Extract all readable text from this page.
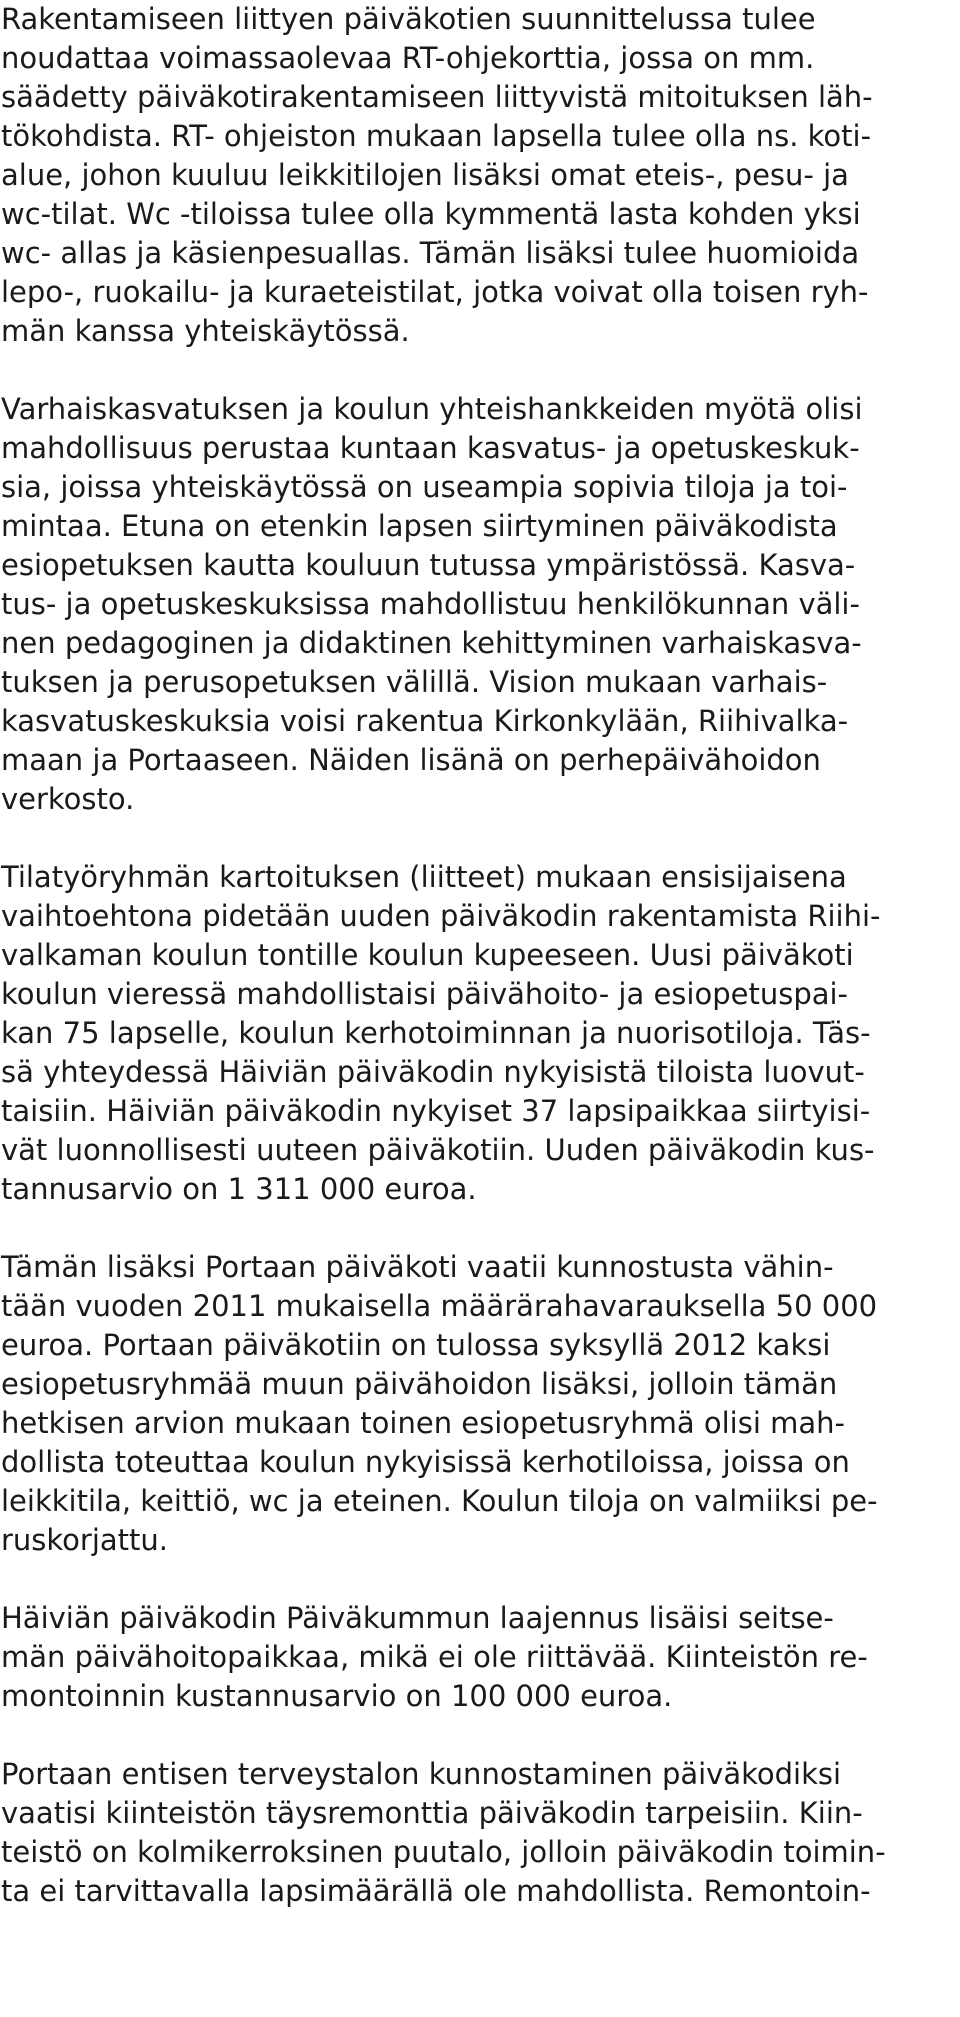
Rakentamiseen liittyen päiväkotien suunnittelussa tulee
noudattaa voimassaolevaa RT-ohjekorttia, jossa on mm.
säädetty päiväkotirakentamiseen liittyvistä mitoituksen läh-
tökohdista. RT- ohjeiston mukaan lapsella tulee olla ns. koti-
alue, johon kuuluu leikkitilojen lisäksi omat eteis-, pesu- ja
wc-tilat. Wc -tiloissa tulee olla kymmentä lasta kohden yksi
wc- allas ja käsienpesuallas. Tämän lisäksi tulee huomioida
lepo-, ruokailu- ja kuraeteistilat, jotka voivat olla toisen ryh-
män kanssa yhteiskäytössä.
Varhaiskasvatuksen ja koulun yhteishankkeiden myötä olisi
mahdollisuus perustaa kuntaan kasvatus- ja opetuskeskuk-
sia, joissa yhteiskäytössä on useampia sopivia tiloja ja toi-
mintaa. Etuna on etenkin lapsen siirtyminen päiväkodista
esiopetuksen kautta kouluun tutussa ympäristössä. Kasva-
tus- ja opetuskeskuksissa mahdollistuu henkilökunnan väli-
nen pedagoginen ja didaktinen kehittyminen varhaiskasva-
tuksen ja perusopetuksen välillä. Vision mukaan varhais-
kasvatuskeskuksia voisi rakentua Kirkonkylään, Riihivalka-
maan ja Portaaseen. Näiden lisänä on perhepäivähoidon
verkosto.
Tilatyöryhmän kartoituksen (liitteet) mukaan ensisijaisena
vaihtoehtona pidetään uuden päiväkodin rakentamista Riihi-
valkaman koulun tontille koulun kupeeseen. Uusi päiväkoti
koulun vieressä mahdollistaisi päivähoito- ja esiopetuspai-
kan 75 lapselle, koulun kerhotoiminnan ja nuorisotiloja. Täs-
sä yhteydessä Häiviän päiväkodin nykyisistä tiloista luovut-
taisiin. Häiviän päiväkodin nykyiset 37 lapsipaikkaa siirtyisi-
vät luonnollisesti uuteen päiväkotiin. Uuden päiväkodin kus-
tannusarvio on 1 311 000 euroa.
Tämän lisäksi Portaan päiväkoti vaatii kunnostusta vähin-
tään vuoden 2011 mukaisella määrärahavarauksella 50 000
euroa. Portaan päiväkotiin on tulossa syksyllä 2012 kaksi
esiopetusryhmää muun päivähoidon lisäksi, jolloin tämän
hetkisen arvion mukaan toinen esiopetusryhmä olisi mah-
dollista toteuttaa koulun nykyisissä kerhotiloissa, joissa on
leikkitila, keittiö, wc ja eteinen. Koulun tiloja on valmiiksi pe-
ruskorjattu.
Häiviän päiväkodin Päiväkummun laajennus lisäisi seitse-
män päivähoitopaikkaa, mikä ei ole riittävää. Kiinteistön re-
montoinnin kustannusarvio on 100 000 euroa.
Portaan entisen terveystalon kunnostaminen päiväkodiksi
vaatisi kiinteistön täysremonttia päiväkodin tarpeisiin. Kiin-
teistö on kolmikerroksinen puutalo, jolloin päiväkodin toimin-
ta ei tarvittavalla lapsimäärällä ole mahdollista. Remontoin-
